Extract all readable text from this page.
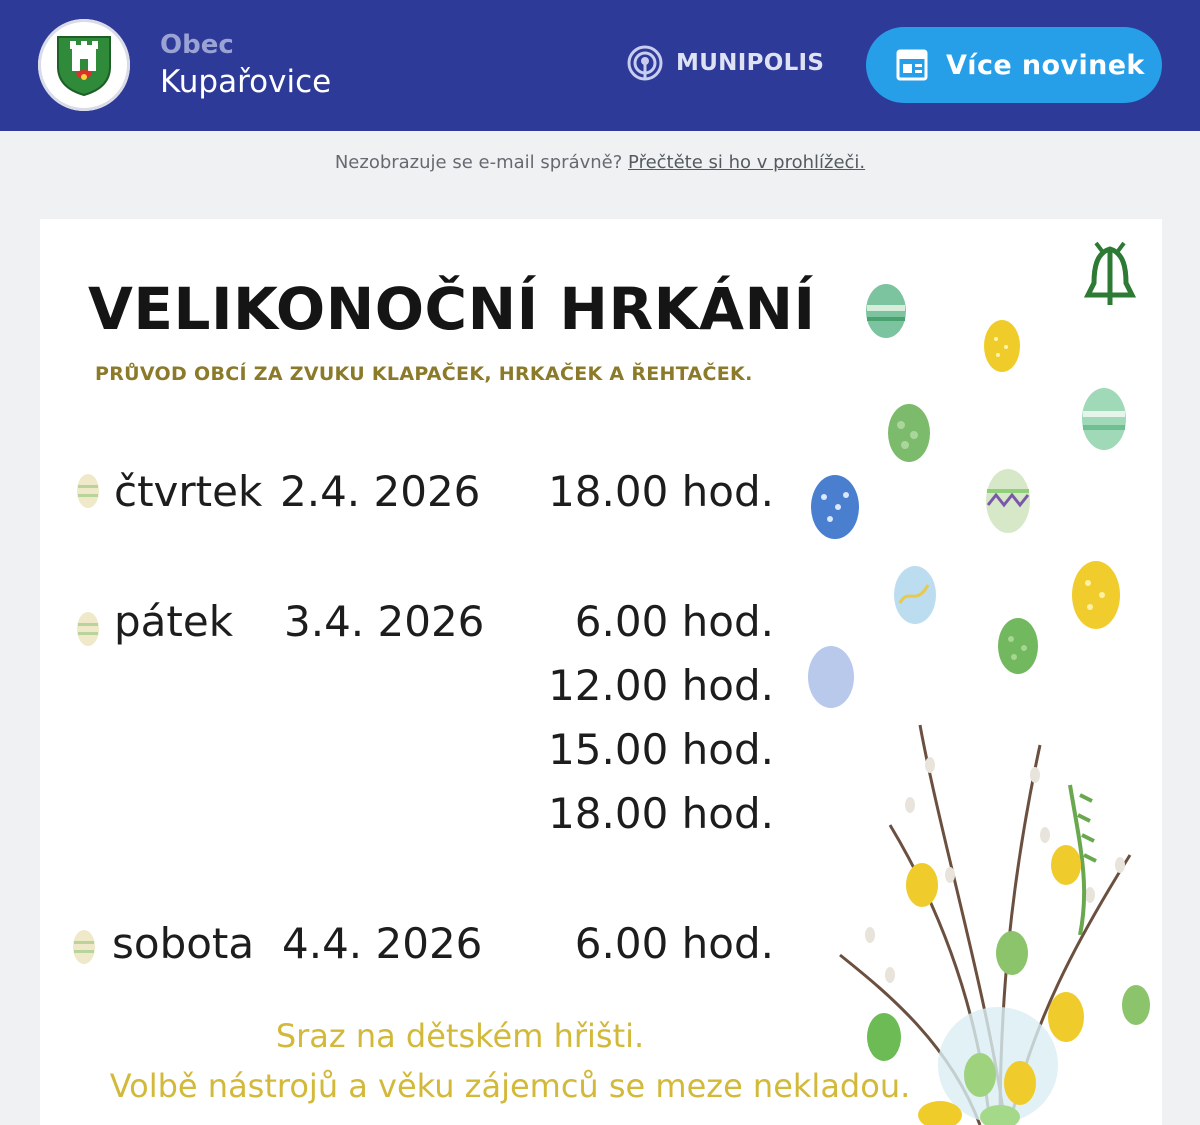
Obec
Kupařovice
MUNIPOLIS	Více novinek
Nezobrazuje se e-mail správně? Přečtěte si ho v prohlížeči.
VELIKONOČNÍ HRKÁNÍ
PRŮVOD OBCÍ ZA ZVUKU KLAPAČEK, HRKAČEK A ŘEHTAČEK.
čtvrtek 2.4. 2026	18.00 hod.
pátek 3.4. 2026	6.00 hod.
12.00 hod.
15.00 hod.
18.00 hod.
sobota 4.4. 2026	6.00 hod.
Sraz na dětském hřišti.
Volbě nástrojů a věku zájemců se meze nekladou.
